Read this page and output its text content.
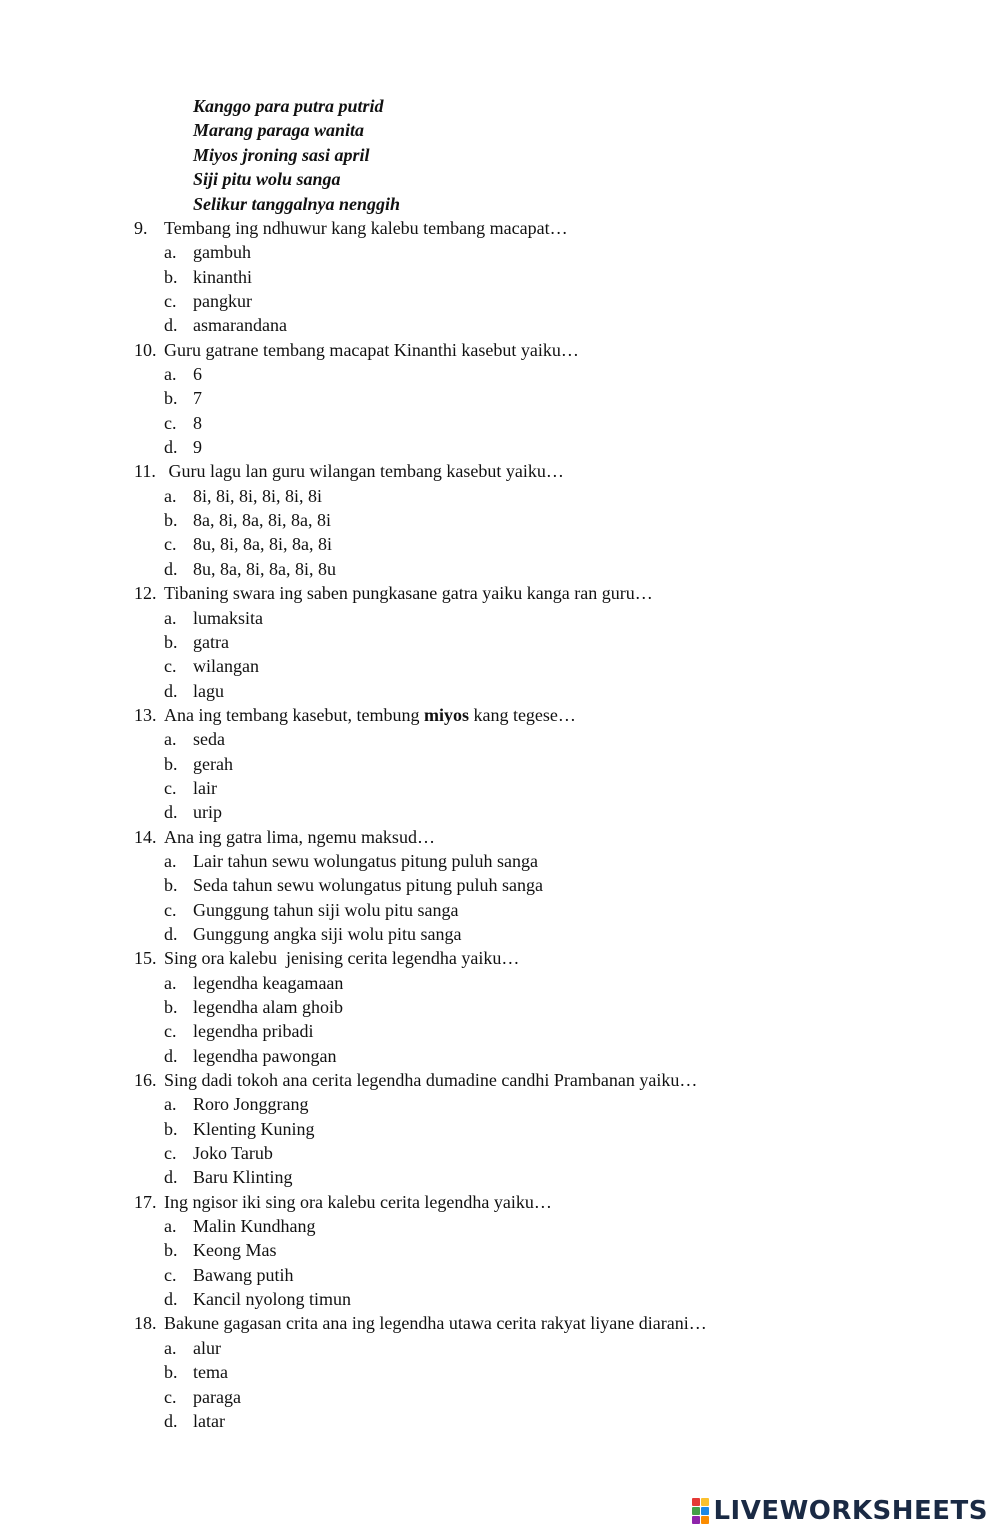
Kanggo para putra putrid
Marang paraga wanita
Miyos jroning sasi april
Siji pitu wolu sanga
Selikur tanggalnya nenggih
9. Tembang ing ndhuwur kang kalebu tembang macapat…
a. gambuh
b. kinanthi
c. pangkur
d. asmarandana
10. Guru gatrane tembang macapat Kinanthi kasebut yaiku…
a. 6
b. 7
c. 8
d. 9
11. Guru lagu lan guru wilangan tembang kasebut yaiku…
a. 8i, 8i, 8i, 8i, 8i, 8i
b. 8a, 8i, 8a, 8i, 8a, 8i
c. 8u, 8i, 8a, 8i, 8a, 8i
d. 8u, 8a, 8i, 8a, 8i, 8u
12. Tibaning swara ing saben pungkasane gatra yaiku kanga ran guru…
a. lumaksita
b. gatra
c. wilangan
d. lagu
13. Ana ing tembang kasebut, tembung miyos kang tegese…
a. seda
b. gerah
c. lair
d. urip
14. Ana ing gatra lima, ngemu maksud…
a. Lair tahun sewu wolungatus pitung puluh sanga
b. Seda tahun sewu wolungatus pitung puluh sanga
c. Gunggung tahun siji wolu pitu sanga
d. Gunggung angka siji wolu pitu sanga
15. Sing ora kalebu  jenising cerita legendha yaiku…
a. legendha keagamaan
b. legendha alam ghoib
c. legendha pribadi
d. legendha pawongan
16. Sing dadi tokoh ana cerita legendha dumadine candhi Prambanan yaiku…
a. Roro Jonggrang
b. Klenting Kuning
c. Joko Tarub
d. Baru Klinting
17. Ing ngisor iki sing ora kalebu cerita legendha yaiku…
a. Malin Kundhang
b. Keong Mas
c. Bawang putih
d. Kancil nyolong timun
18. Bakune gagasan crita ana ing legendha utawa cerita rakyat liyane diarani…
a. alur
b. tema
c. paraga
d. latar
LIVEWORKSHEETS
